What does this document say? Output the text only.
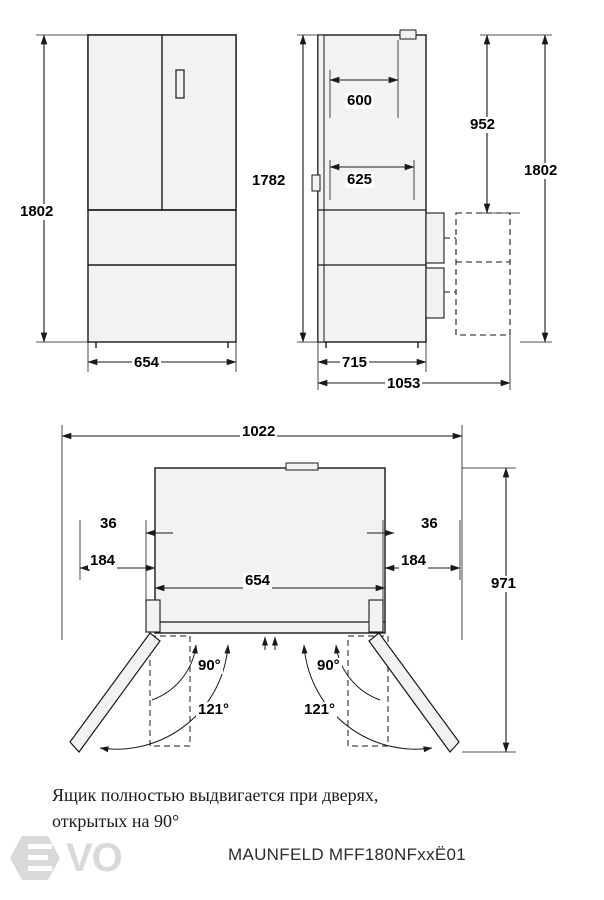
1802
654
600
625
1782
715
1053
952
1802
1022
36
184
654
36
184
971
90°	90°
121°	121°
Ящик полностью выдвигается при дверях,
открытых на 90°
MAUNFELD MFF180NFxxË01
VO
